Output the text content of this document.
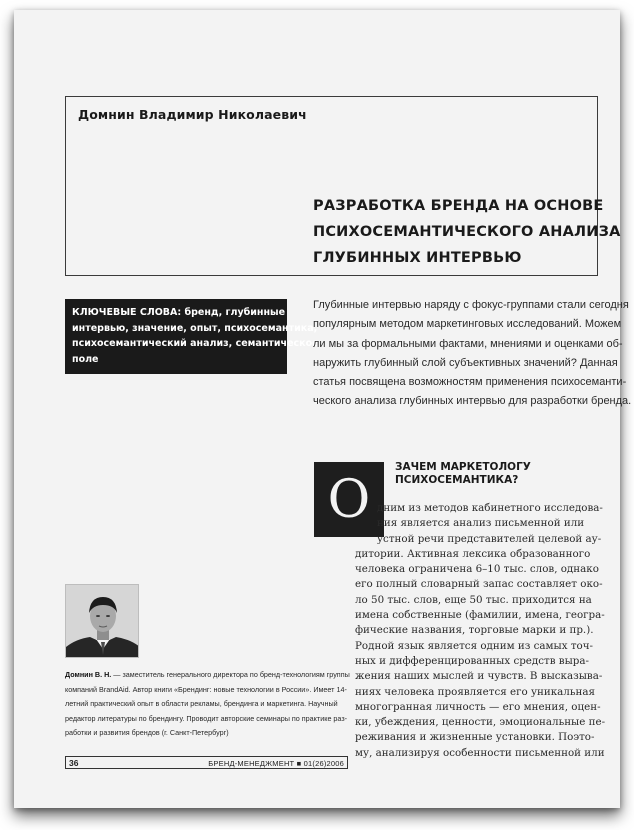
Домнин Владимир Николаевич
РАЗРАБОТКА БРЕНДА НА ОСНОВЕ
ПСИХОСЕМАНТИЧЕСКОГО АНАЛИЗА
ГЛУБИННЫХ ИНТЕРВЬЮ
КЛЮЧЕВЫЕ СЛОВА: бренд, глубинные
интервью, значение, опыт, психосемантика,
психосемантический анализ, семантическое
поле
Глубинные интервью наряду с фокус-группами стали сегодня
популярным методом маркетинговых исследований. Можем
ли мы за формальными фактами, мнениями и оценками об-
наружить глубинный слой субъективных значений? Данная
статья посвящена возможностям применения психосеманти-
ческого анализа глубинных интервью для разработки бренда.
О
ЗАЧЕМ МАРКЕТОЛОГУ
ПСИХОСЕМАНТИКА?
дним из методов кабинетного исследова-
ния является анализ письменной или
устной речи представителей целевой ау-
дитории. Активная лексика образованного
человека ограничена 6–10 тыс. слов, однако
его полный словарный запас составляет око-
ло 50 тыс. слов, еще 50 тыс. приходится на
имена собственные (фамилии, имена, геогра-
фические названия, торговые марки и пр.).
Родной язык является одним из самых точ-
ных и дифференцированных средств выра-
жения наших мыслей и чувств. В высказыва-
ниях человека проявляется его уникальная
многогранная личность — его мнения, оцен-
ки, убеждения, ценности, эмоциональные пе-
реживания и жизненные установки. Поэто-
му, анализируя особенности письменной или
Домнин В. Н. — заместитель генерального директора по бренд-технологиям группы
компаний BrandAid. Автор книги «Брендинг: новые технологии в России». Имеет 14-
летний практический опыт в области рекламы, брендинга и маркетинга. Научный
редактор литературы по брендингу. Проводит авторские семинары по практике раз-
работки и развития брендов (г. Санкт-Петербург)
36	БРЕНД-МЕНЕДЖМЕНТ ■ 01(26)2006
